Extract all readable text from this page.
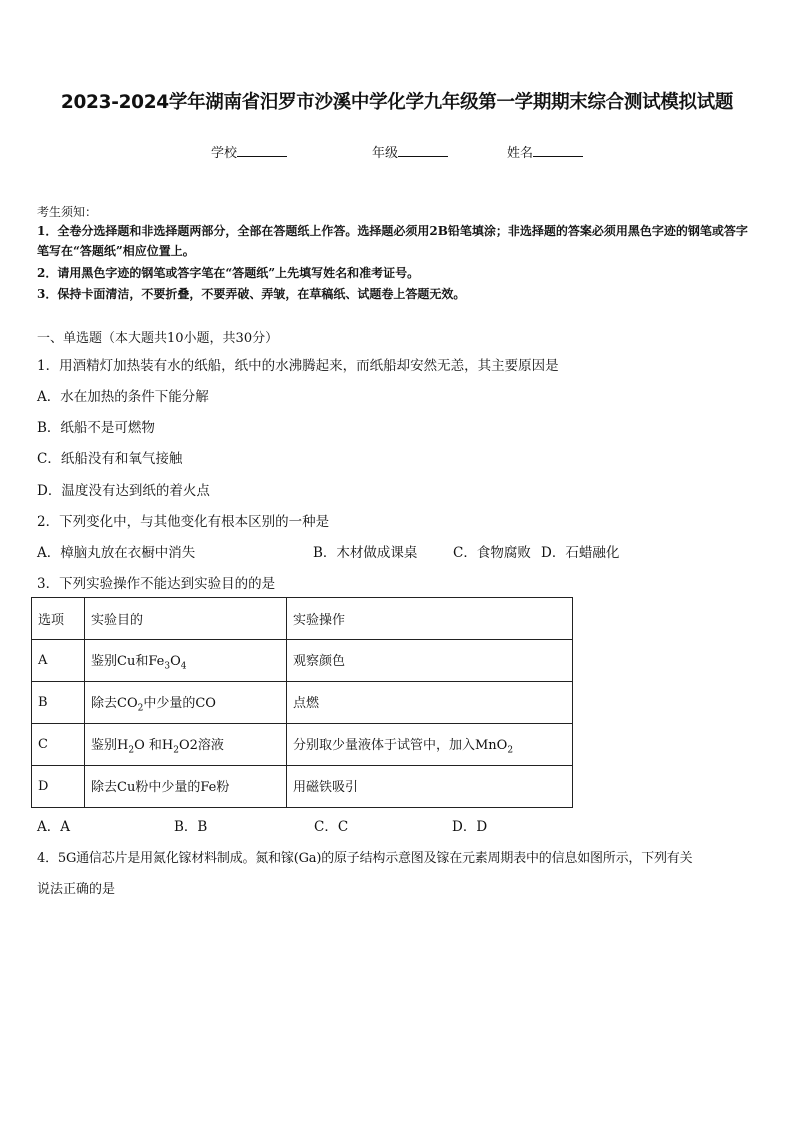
2023-2024学年湖南省汨罗市沙溪中学化学九年级第一学期期末综合测试模拟试题
学校	年级	姓名
考生须知：
1．全卷分选择题和非选择题两部分，全部在答题纸上作答。选择题必须用2B铅笔填涂；非选择题的答案必须用黑色字迹的钢笔或答字笔写在“答题纸”相应位置上。
2．请用黑色字迹的钢笔或答字笔在“答题纸”上先填写姓名和准考证号。
3．保持卡面清洁，不要折叠，不要弄破、弄皱，在草稿纸、试题卷上答题无效。
一、单选题（本大题共10小题，共30分）
1．用酒精灯加热装有水的纸船，纸中的水沸腾起来，而纸船却安然无恙，其主要原因是
A．水在加热的条件下能分解
B．纸船不是可燃物
C．纸船没有和氧气接触
D．温度没有达到纸的着火点
2．下列变化中，与其他变化有根本区别的一种是
A．樟脑丸放在衣橱中消失	B．木材做成课桌	C．食物腐败 D．石蜡融化
3．下列实验操作不能达到实验目的的是
选项	实验目的	实验操作
A	鉴别Cu和$Fe_3O_4$	观察颜色
B	除去$CO_2$中少量的CO	点燃
C	鉴别$H_2O$ 和$H_2O2$溶液	分别取少量液体于试管中，加入MnO$_2$
D	除去Cu粉中少量的Fe粉	用磁铁吸引
A．A	B．B	C．C	D．D
4．5G通信芯片是用氮化镓材料制成。氮和镓(Ga)的原子结构示意图及镓在元素周期表中的信息如图所示，下列有关
说法正确的是
